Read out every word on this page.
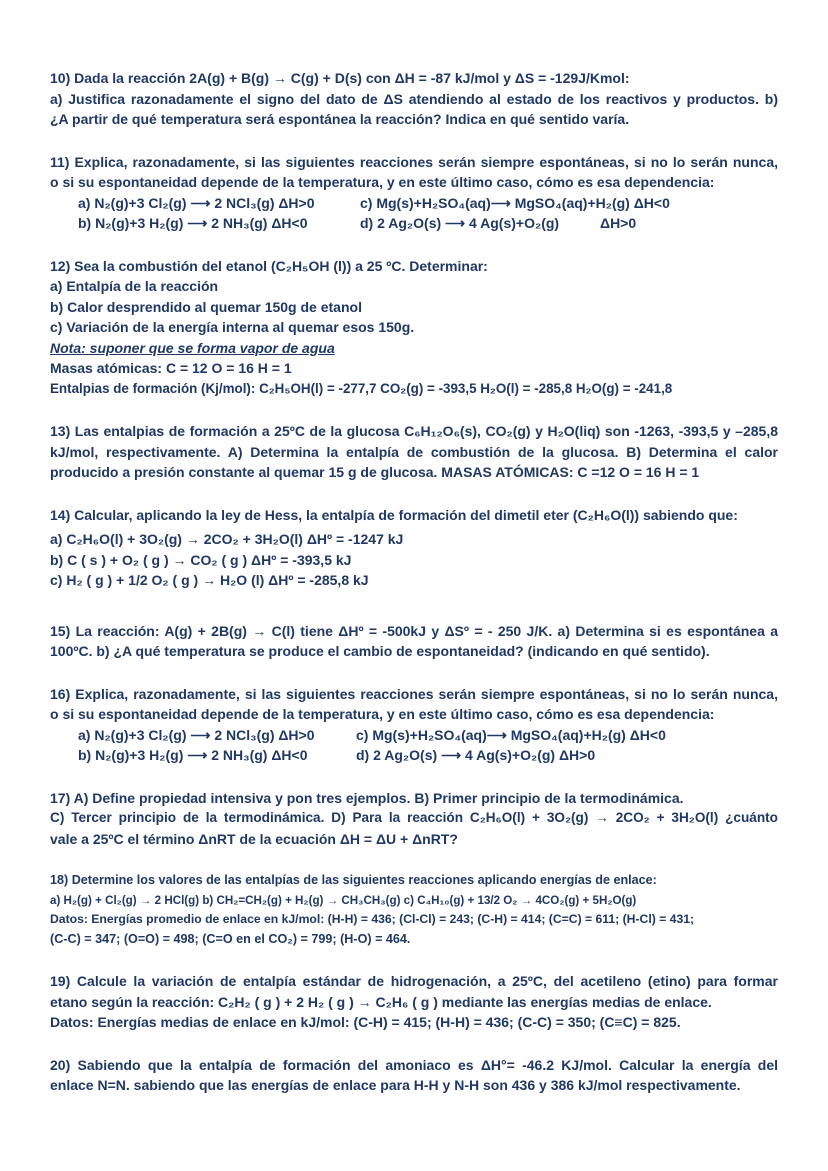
10) Dada la reacción 2A(g) + B(g) → C(g) + D(s) con ΔH = -87 kJ/mol y ΔS = -129J/Kmol:
a) Justifica razonadamente el signo del dato de ΔS atendiendo al estado de los reactivos y productos. b)
¿A partir de qué temperatura será espontánea la reacción? Indica en qué sentido varía.
11) Explica, razonadamente, si las siguientes reacciones serán siempre espontáneas, si no lo serán nunca,
o si su espontaneidad depende de la temperatura, y en este último caso, cómo es esa dependencia:
a) N₂(g)+3 Cl₂(g) ⟶ 2 NCl₃(g) ΔH>0	c) Mg(s)+H₂SO₄(aq)⟶ MgSO₄(aq)+H₂(g) ΔH<0
b) N₂(g)+3 H₂(g) ⟶ 2 NH₃(g) ΔH<0	d) 2 Ag₂O(s) ⟶ 4 Ag(s)+O₂(g)	ΔH>0
12) Sea la combustión del etanol (C₂H₅OH (l)) a 25 ºC. Determinar:
a) Entalpía de la reacción
b) Calor desprendido al quemar 150g de etanol
c) Variación de la energía interna al quemar esos 150g.
Nota: suponer que se forma vapor de agua
Masas atómicas: C = 12 O = 16 H = 1
Entalpias de formación (Kj/mol): C₂H₅OH(l) = -277,7 CO₂(g) = -393,5 H₂O(l) = -285,8 H₂O(g) = -241,8
13) Las entalpias de formación a 25ºC de la glucosa C₆H₁₂O₆(s), CO₂(g) y H₂O(liq) son -1263, -393,5 y –285,8
kJ/mol, respectivamente. A) Determina la entalpía de combustión de la glucosa. B) Determina el calor
producido a presión constante al quemar 15 g de glucosa. MASAS ATÓMICAS: C =12 O = 16 H = 1
14) Calcular, aplicando la ley de Hess, la entalpía de formación del dimetil eter (C₂H₆O(l)) sabiendo que:
a) C₂H₆O(l) + 3O₂(g) → 2CO₂ + 3H₂O(l) ΔHº = -1247 kJ
b) C ( s ) + O₂ ( g ) → CO₂ ( g ) ΔHº = -393,5 kJ
c) H₂ ( g ) + 1/2 O₂ ( g ) → H₂O (l) ΔHº = -285,8 kJ
15) La reacción: A(g) + 2B(g) → C(l) tiene ΔHº = -500kJ y ΔSº = - 250 J/K. a) Determina si es espontánea a
100ºC. b) ¿A qué temperatura se produce el cambio de espontaneidad? (indicando en qué sentido).
16) Explica, razonadamente, si las siguientes reacciones serán siempre espontáneas, si no lo serán nunca,
o si su espontaneidad depende de la temperatura, y en este último caso, cómo es esa dependencia:
a) N₂(g)+3 Cl₂(g) ⟶ 2 NCl₃(g) ΔH>0	c) Mg(s)+H₂SO₄(aq)⟶ MgSO₄(aq)+H₂(g) ΔH<0
b) N₂(g)+3 H₂(g) ⟶ 2 NH₃(g) ΔH<0	d) 2 Ag₂O(s) ⟶ 4 Ag(s)+O₂(g) ΔH>0
17) A) Define propiedad intensiva y pon tres ejemplos. B) Primer principio de la termodinámica.
C) Tercer principio de la termodinámica. D) Para la reacción C₂H₆O(l) + 3O₂(g) → 2CO₂ + 3H₂O(l) ¿cuánto
vale a 25ºC el término ΔnRT de la ecuación ΔH = ΔU + ΔnRT?
18) Determine los valores de las entalpías de las siguientes reacciones aplicando energías de enlace:
a) H₂(g) + Cl₂(g) → 2 HCl(g) b) CH₂=CH₂(g) + H₂(g) → CH₃CH₃(g) c) C₄H₁₀(g) + 13/2 O₂ → 4CO₂(g) + 5H₂O(g)
Datos: Energías promedio de enlace en kJ/mol: (H-H) = 436; (Cl-Cl) = 243; (C-H) = 414; (C=C) = 611; (H-Cl) = 431;
(C-C) = 347; (O=O) = 498; (C=O en el CO₂) = 799; (H-O) = 464.
19) Calcule la variación de entalpía estándar de hidrogenación, a 25ºC, del acetileno (etino) para formar
etano según la reacción: C₂H₂ ( g ) + 2 H₂ ( g ) → C₂H₆ ( g ) mediante las energías medias de enlace.
Datos: Energías medias de enlace en kJ/mol: (C-H) = 415; (H-H) = 436; (C-C) = 350; (C≡C) = 825.
20) Sabiendo que la entalpía de formación del amoniaco es ΔH°= -46.2 KJ/mol. Calcular la energía del
enlace N=N. sabiendo que las energías de enlace para H-H y N-H son 436 y 386 kJ/mol respectivamente.
